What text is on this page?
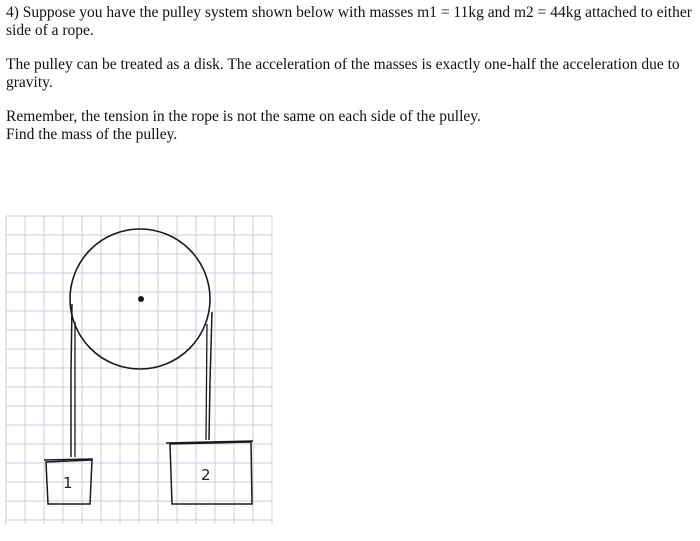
4) Suppose you have the pulley system shown below with masses m1 = 11kg and m2 = 44kg attached to either side of a rope.

The pulley can be treated as a disk. The acceleration of the masses is exactly one-half the acceleration due to gravity.

Remember, the tension in the rope is not the same on each side of the pulley.

Find the mass of the pulley.

1	2
